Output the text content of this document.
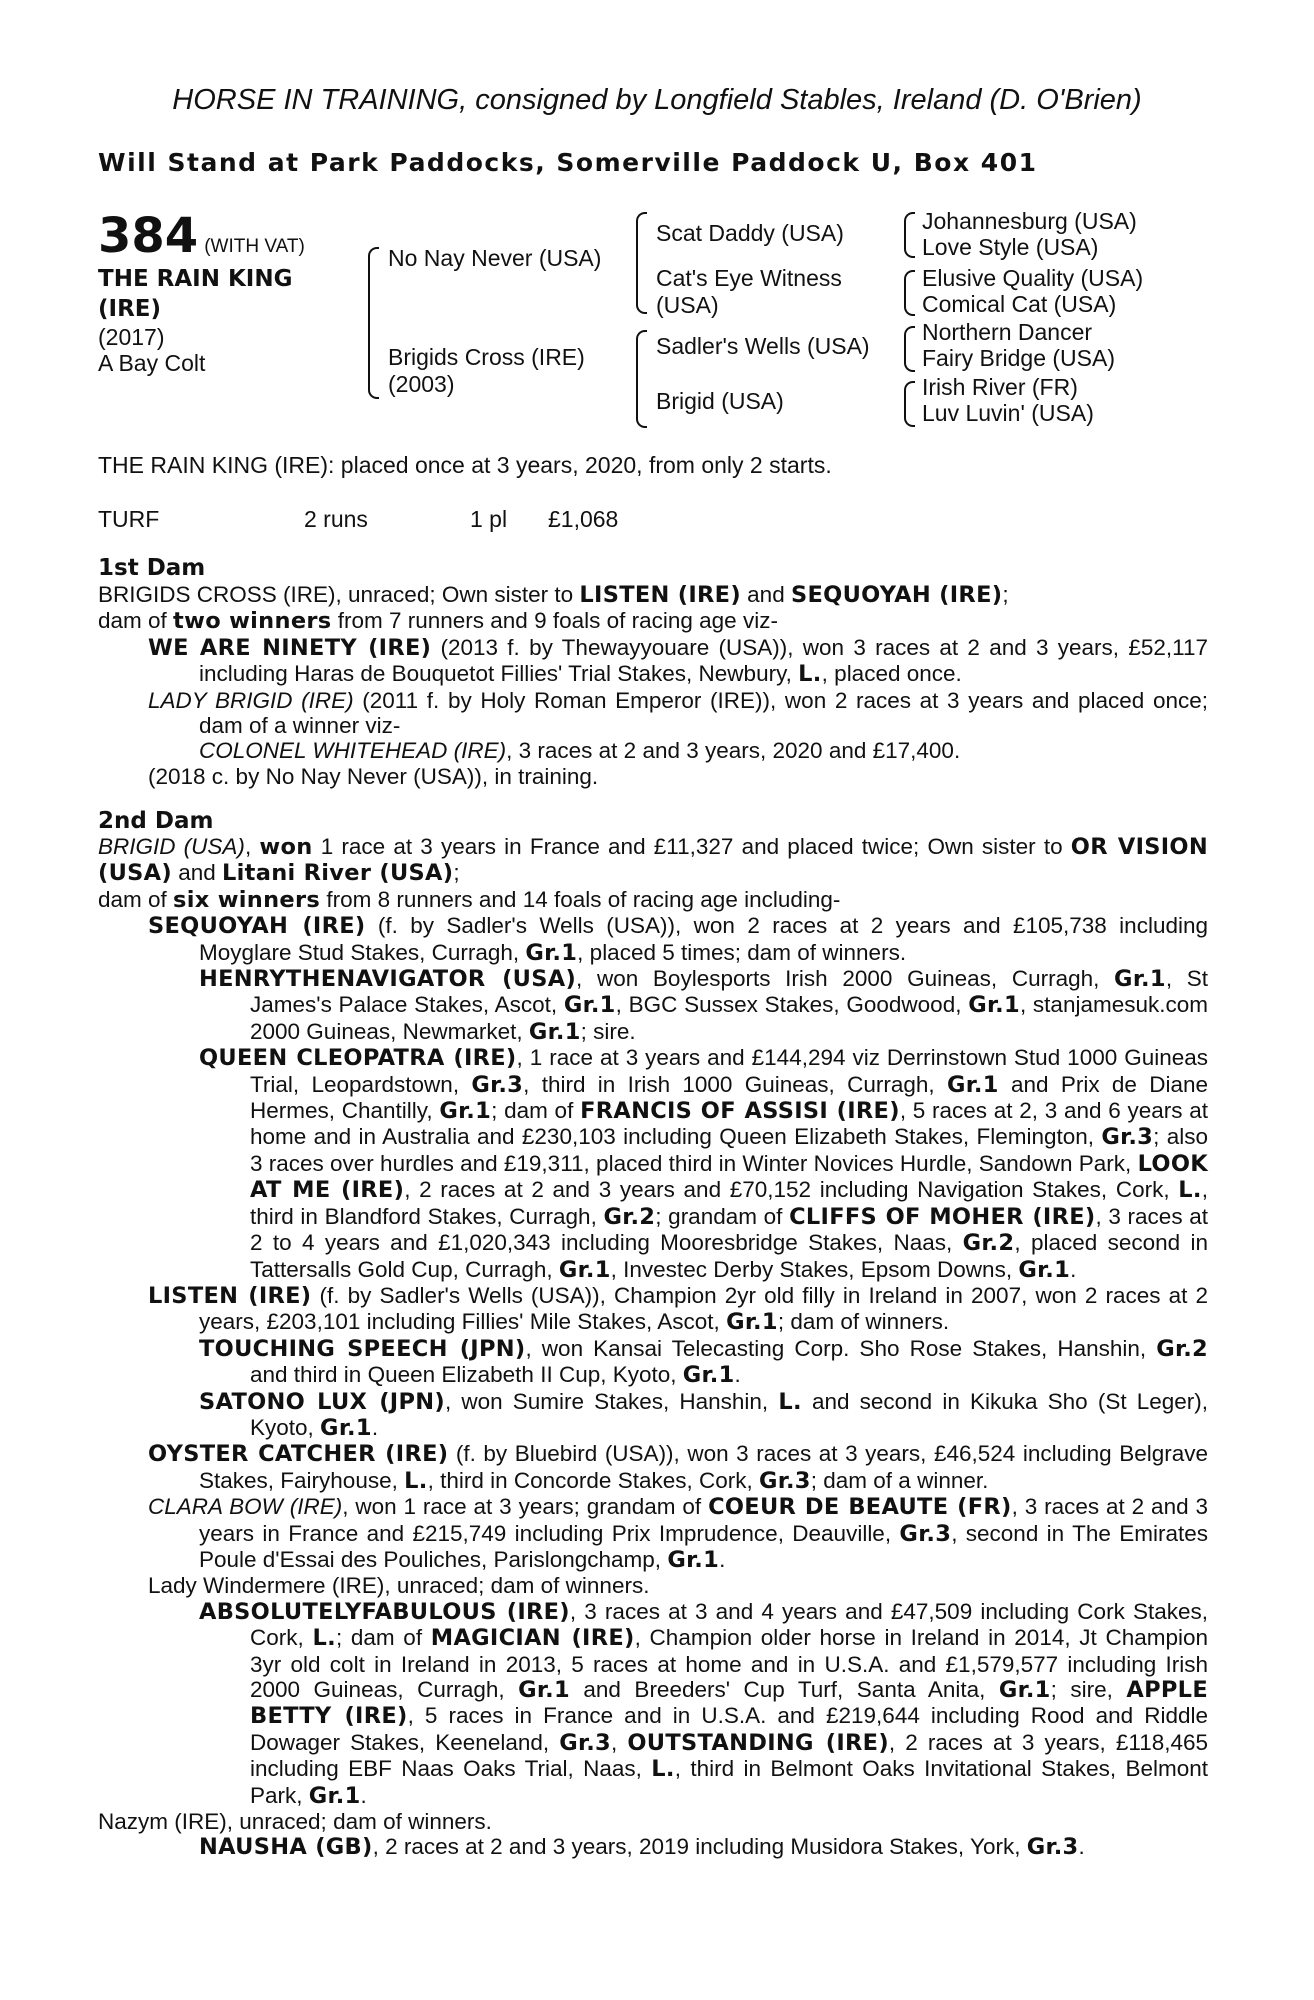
HORSE IN TRAINING, consigned by Longfield Stables, Ireland (D. O'Brien)
Will Stand at Park Paddocks, Somerville Paddock U, Box 401
384 (WITH VAT)
THE RAIN KING
(IRE)
(2017)
A Bay Colt
No Nay Never (USA)
Brigids Cross (IRE)
(2003)
Scat Daddy (USA)
Cat's Eye Witness
(USA)
Sadler's Wells (USA)
Brigid (USA)
Johannesburg (USA)
Love Style (USA)
Elusive Quality (USA)
Comical Cat (USA)
Northern Dancer
Fairy Bridge (USA)
Irish River (FR)
Luv Luvin' (USA)
THE RAIN KING (IRE): placed once at 3 years, 2020, from only 2 starts.
TURF	2 runs	1 pl £1,068
1st Dam

BRIGIDS CROSS (IRE), unraced; Own sister to LISTEN (IRE) and SEQUOYAH (IRE);

dam of two winners from 7 runners and 9 foals of racing age viz-

WE ARE NINETY (IRE) (2013 f. by Thewayyouare (USA)), won 3 races at 2 and 3 years, £52,117 including Haras de Bouquetot Fillies' Trial Stakes, Newbury, L., placed once.

LADY BRIGID (IRE) (2011 f. by Holy Roman Emperor (IRE)), won 2 races at 3 years and placed once; dam of a winner viz-

COLONEL WHITEHEAD (IRE), 3 races at 2 and 3 years, 2020 and £17,400.

(2018 c. by No Nay Never (USA)), in training.

2nd Dam

BRIGID (USA), won 1 race at 3 years in France and £11,327 and placed twice; Own sister to OR VISION (USA) and Litani River (USA);

dam of six winners from 8 runners and 14 foals of racing age including-

SEQUOYAH (IRE) (f. by Sadler's Wells (USA)), won 2 races at 2 years and £105,738 including Moyglare Stud Stakes, Curragh, Gr.1, placed 5 times; dam of winners.

HENRYTHENAVIGATOR (USA), won Boylesports Irish 2000 Guineas, Curragh, Gr.1, St James's Palace Stakes, Ascot, Gr.1, BGC Sussex Stakes, Goodwood, Gr.1, stanjamesuk.com 2000 Guineas, Newmarket, Gr.1; sire.

QUEEN CLEOPATRA (IRE), 1 race at 3 years and £144,294 viz Derrinstown Stud 1000 Guineas Trial, Leopardstown, Gr.3, third in Irish 1000 Guineas, Curragh, Gr.1 and Prix de Diane Hermes, Chantilly, Gr.1; dam of FRANCIS OF ASSISI (IRE), 5 races at 2, 3 and 6 years at home and in Australia and £230,103 including Queen Elizabeth Stakes, Flemington, Gr.3; also 3 races over hurdles and £19,311, placed third in Winter Novices Hurdle, Sandown Park, LOOK AT ME (IRE), 2 races at 2 and 3 years and £70,152 including Navigation Stakes, Cork, L., third in Blandford Stakes, Curragh, Gr.2; grandam of CLIFFS OF MOHER (IRE), 3 races at 2 to 4 years and £1,020,343 including Mooresbridge Stakes, Naas, Gr.2, placed second in Tattersalls Gold Cup, Curragh, Gr.1, Investec Derby Stakes, Epsom Downs, Gr.1.

LISTEN (IRE) (f. by Sadler's Wells (USA)), Champion 2yr old filly in Ireland in 2007, won 2 races at 2 years, £203,101 including Fillies' Mile Stakes, Ascot, Gr.1; dam of winners.

TOUCHING SPEECH (JPN), won Kansai Telecasting Corp. Sho Rose Stakes, Hanshin, Gr.2 and third in Queen Elizabeth II Cup, Kyoto, Gr.1.

SATONO LUX (JPN), won Sumire Stakes, Hanshin, L. and second in Kikuka Sho (St Leger), Kyoto, Gr.1.

OYSTER CATCHER (IRE) (f. by Bluebird (USA)), won 3 races at 3 years, £46,524 including Belgrave Stakes, Fairyhouse, L., third in Concorde Stakes, Cork, Gr.3; dam of a winner.

CLARA BOW (IRE), won 1 race at 3 years; grandam of COEUR DE BEAUTE (FR), 3 races at 2 and 3 years in France and £215,749 including Prix Imprudence, Deauville, Gr.3, second in The Emirates Poule d'Essai des Pouliches, Parislongchamp, Gr.1.

Lady Windermere (IRE), unraced; dam of winners.

ABSOLUTELYFABULOUS (IRE), 3 races at 3 and 4 years and £47,509 including Cork Stakes, Cork, L.; dam of MAGICIAN (IRE), Champion older horse in Ireland in 2014, Jt Champion 3yr old colt in Ireland in 2013, 5 races at home and in U.S.A. and £1,579,577 including Irish 2000 Guineas, Curragh, Gr.1 and Breeders' Cup Turf, Santa Anita, Gr.1; sire, APPLE BETTY (IRE), 5 races in France and in U.S.A. and £219,644 including Rood and Riddle Dowager Stakes, Keeneland, Gr.3, OUTSTANDING (IRE), 2 races at 3 years, £118,465 including EBF Naas Oaks Trial, Naas, L., third in Belmont Oaks Invitational Stakes, Belmont Park, Gr.1.

Nazym (IRE), unraced; dam of winners.

NAUSHA (GB), 2 races at 2 and 3 years, 2019 including Musidora Stakes, York, Gr.3.
